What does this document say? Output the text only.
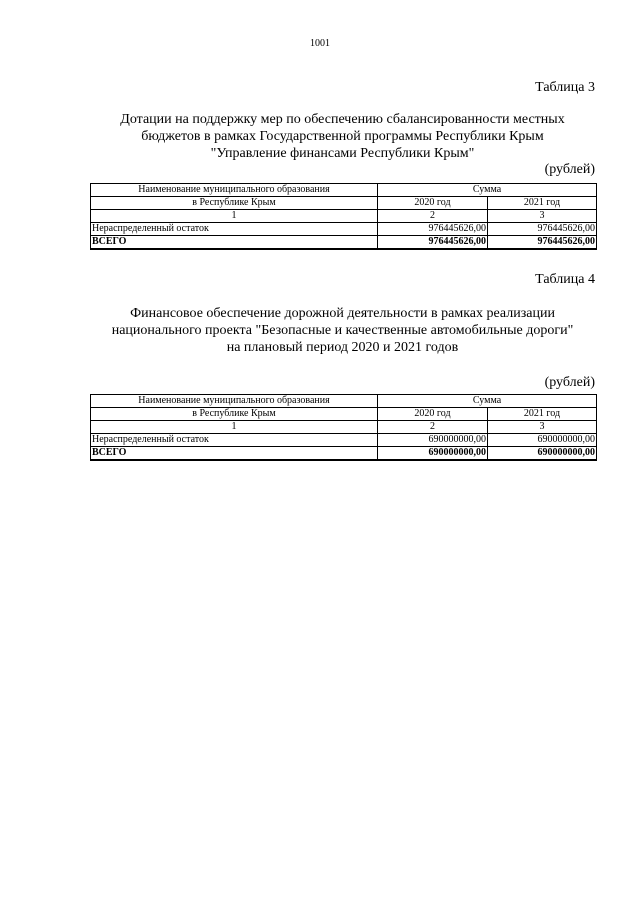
1001
Таблица 3
Дотации на поддержку мер по обеспечению сбалансированности местных
бюджетов в рамках Государственной программы Республики Крым
"Управление финансами Республики Крым"
(рублей)
Наименование муниципального образования	Сумма	
в Республике Крым	2020 год	2021 год
1	2	3
Нераспределенный остаток	976445626,00	976445626,00
ВСЕГО	976445626,00	976445626,00
Таблица 4
Финансовое обеспечение дорожной деятельности в рамках реализации
национального проекта "Безопасные и качественные автомобильные дороги"
на плановый период 2020 и 2021 годов
(рублей)
Наименование муниципального образования	Сумма	
в Республике Крым	2020 год	2021 год
1	2	3
Нераспределенный остаток	690000000,00	690000000,00
ВСЕГО	690000000,00	690000000,00
